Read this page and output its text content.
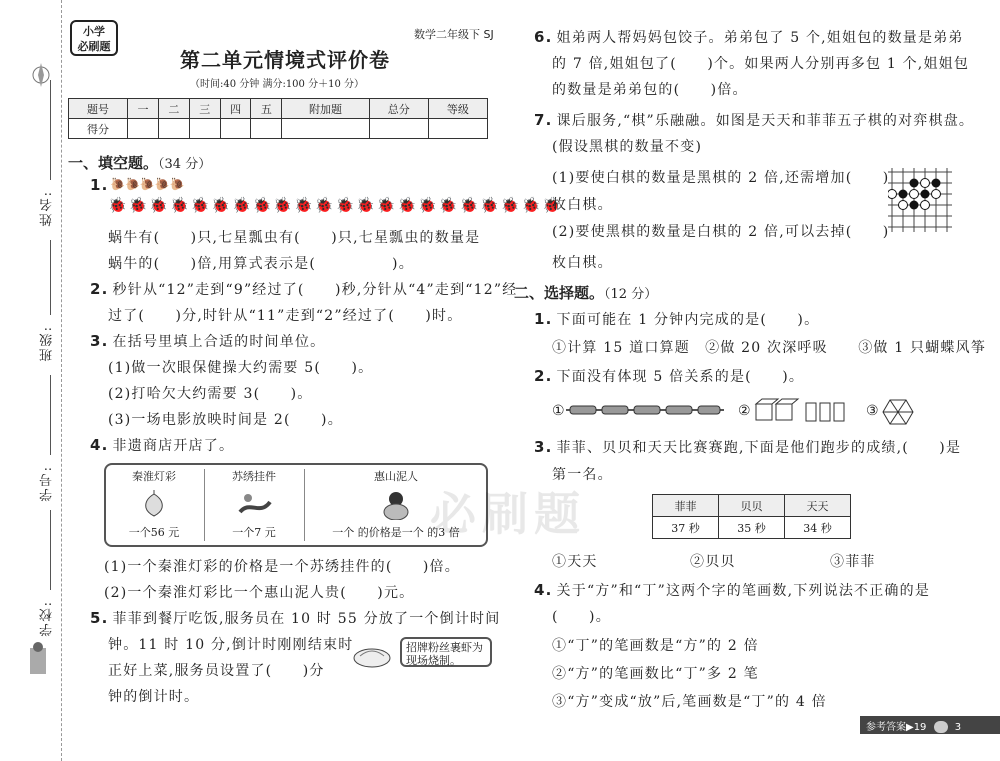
姓名:
班级:
学号:
学校:
小学
必刷题
数学二年级下 SJ
第二单元情境式评价卷
（时间:40 分钟 满分:100 分＋10 分）
题号	一	二	三	四	五	附加题	总分	等级
得分								
一、填空题。（34 分）
1. 🐌🐌🐌🐌🐌
🐞🐞🐞🐞🐞🐞🐞🐞🐞🐞🐞🐞🐞🐞🐞🐞🐞🐞🐞🐞🐞🐞
蜗牛有(　　)只,七星瓢虫有(　　)只,七星瓢虫的数量是
蜗牛的(　　)倍,用算式表示是(　　　　　)。
2. 秒针从“12”走到“9”经过了(　　)秒,分针从“4”走到“12”经
过了(　　)分,时针从“11”走到“2”经过了(　　)时。
3. 在括号里填上合适的时间单位。
(1)做一次眼保健操大约需要 5(　　)。
(2)打哈欠大约需要 3(　　)。
(3)一场电影放映时间是 2(　　)。
4. 非遗商店开店了。
秦淮灯彩
一个56 元
苏绣挂件
一个7 元
惠山泥人
一个 的价格是一个 的3 倍
必刷题
(1)一个秦淮灯彩的价格是一个苏绣挂件的(　　)倍。
(2)一个秦淮灯彩比一个惠山泥人贵(　　)元。
5. 菲菲到餐厅吃饭,服务员在 10 时 55 分放了一个倒计时间
钟。11 时 10 分,倒计时刚刚结束时
正好上菜,服务员设置了(　　)分
钟的倒计时。
招牌粉丝裹虾为现场烧制。
6. 姐弟两人帮妈妈包饺子。弟弟包了 5 个,姐姐包的数量是弟弟
的 7 倍,姐姐包了(　　)个。如果两人分别再多包 1 个,姐姐包
的数量是弟弟包的(　　)倍。
7. 课后服务,“棋”乐融融。如图是天天和菲菲五子棋的对弈棋盘。
(假设黑棋的数量不变)
(1)要使白棋的数量是黑棋的 2 倍,还需增加(　　)
枚白棋。
(2)要使黑棋的数量是白棋的 2 倍,可以去掉(　　)
枚白棋。
二、选择题。（12 分）
1. 下面可能在 1 分钟内完成的是(　　)。
①计算 15 道口算题　②做 20 次深呼吸　　③做 1 只蝴蝶风筝
2. 下面没有体现 5 倍关系的是(　　)。
①	②	③
3. 菲菲、贝贝和天天比赛赛跑,下面是他们跑步的成绩,(　　)是
第一名。
菲菲	贝贝	天天
37 秒	35 秒	34 秒
①天天	②贝贝	③菲菲
4. 关于“方”和“丁”这两个字的笔画数,下列说法不正确的是
(　　)。
①“丁”的笔画数是“方”的 2 倍
②“方”的笔画数比“丁”多 2 笔
③“方”变成“放”后,笔画数是“丁”的 4 倍
参考答案▶19	3
